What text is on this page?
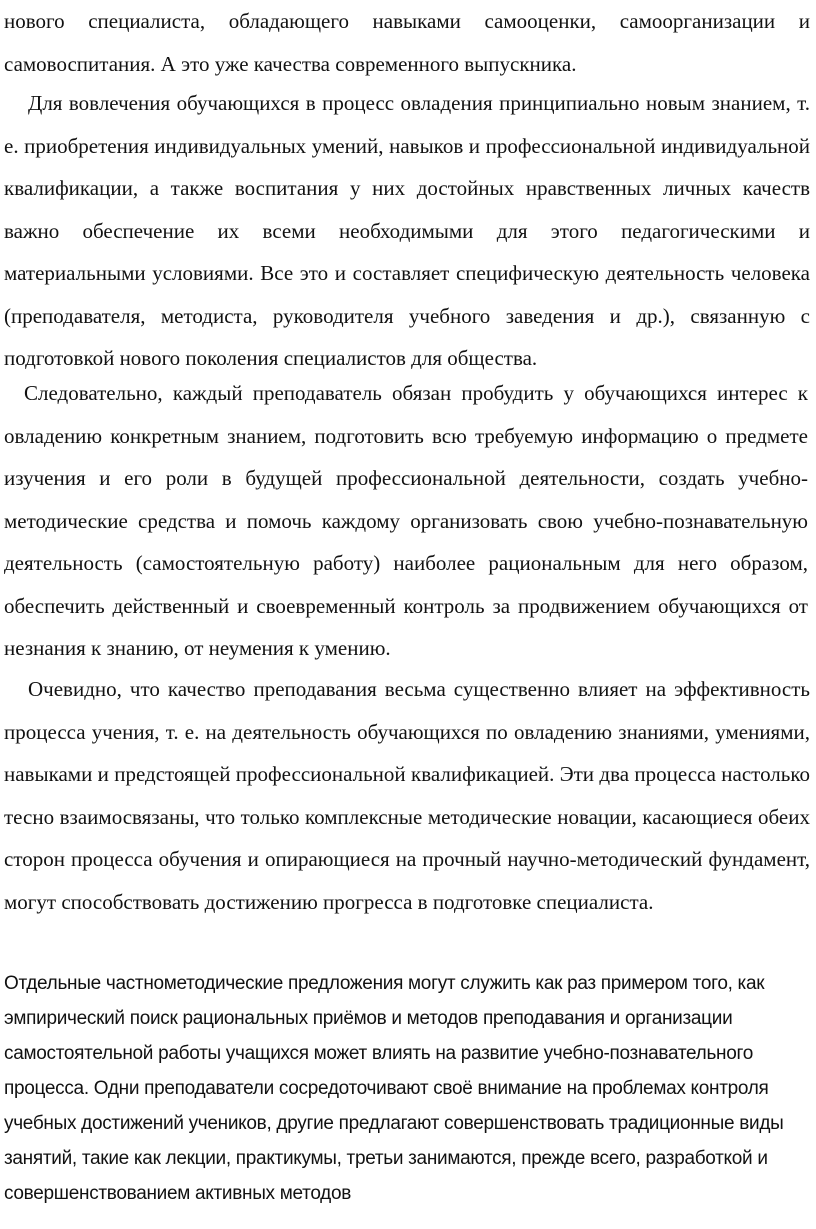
нового специалиста, обладающего навыками самооценки, самоорганизации и самовоспитания. А это уже качества современного выпускника.

Для вовлечения обучающихся в процесс овладения принципиально новым знанием, т. е. приобретения индивидуальных умений, навыков и профессиональной индивидуальной квалификации, а также воспитания у них достойных нравственных личных качеств важно обеспечение их всеми необходимыми для этого педагогическими и материальными условиями. Все это и составляет специфическую деятельность человека (преподавателя, методиста, руководителя учебного заведения и др.), связанную с подготовкой нового поколения специалистов для общества.

Следовательно, каждый преподаватель обязан пробудить у обучающихся интерес к овладению конкретным знанием, подготовить всю требуемую информацию о предмете изучения и его роли в будущей профессиональной деятельности, создать учебно-методические средства и помочь каждому организовать свою учебно-познавательную деятельность (самостоятельную работу) наиболее рациональным для него образом, обеспечить действенный и своевременный контроль за продвижением обучающихся от незнания к знанию, от неумения к умению.

Очевидно, что качество преподавания весьма существенно влияет на эффективность процесса учения, т. е. на деятельность обучающихся по овладению знаниями, умениями, навыками и предстоящей профессиональной квалификацией. Эти два процесса настолько тесно взаимосвязаны, что только комплексные методические новации, касающиеся обеих сторон процесса обучения и опирающиеся на прочный научно-методический фундамент, могут способствовать достижению прогресса в подготовке специалиста.

Отдельные частнометодические предложения могут служить как раз примером того, как эмпирический поиск рациональных приёмов и методов преподавания и организации самостоятельной работы учащихся может влиять на развитие учебно-познавательного процесса. Одни преподаватели сосредоточивают своё внимание на проблемах контроля учебных достижений учеников, другие предлагают совершенствовать традиционные виды занятий, такие как лекции, практикумы, третьи занимаются, прежде всего, разработкой и совершенствованием активных методов
